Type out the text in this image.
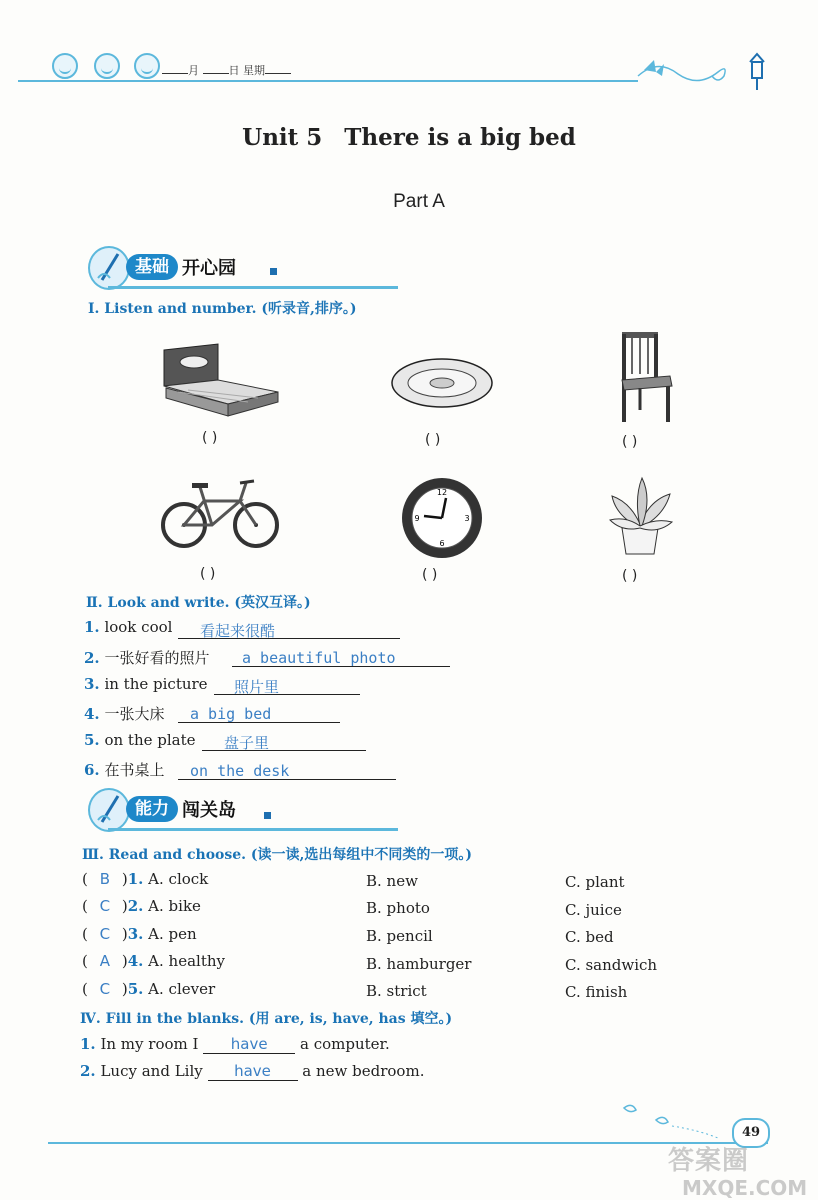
月	日 星期
Unit 5 There is a big bed
Part A
基础 开心园
Ⅰ. Listen and number. (听录音,排序。)
( )	( )	( )
( )
12
3
6
9
( )	( )
Ⅱ. Look and write. (英汉互译。)
1. look cool	看起来很酷
2. 一张好看的照片	a beautiful photo
3. in the picture	照片里
4. 一张大床	a big bed
5. on the plate	盘子里
6. 在书桌上	on the desk
能力 闯关岛
Ⅲ. Read and choose. (读一读,选出每组中不同类的一项。)
( B )1. A. clock	B. new	C. plant
( C )2. A. bike	B. photo	C. juice
( C )3. A. pen	B. pencil	C. bed
( A )4. A. healthy	B. hamburger	C. sandwich
( C )5. A. clever	B. strict	C. finish
Ⅳ. Fill in the blanks. (用 are, is, have, has 填空。)
1. In my room I have a computer.
2. Lucy and Lily have a new bedroom.
49
答案圈
MXQE.COM
